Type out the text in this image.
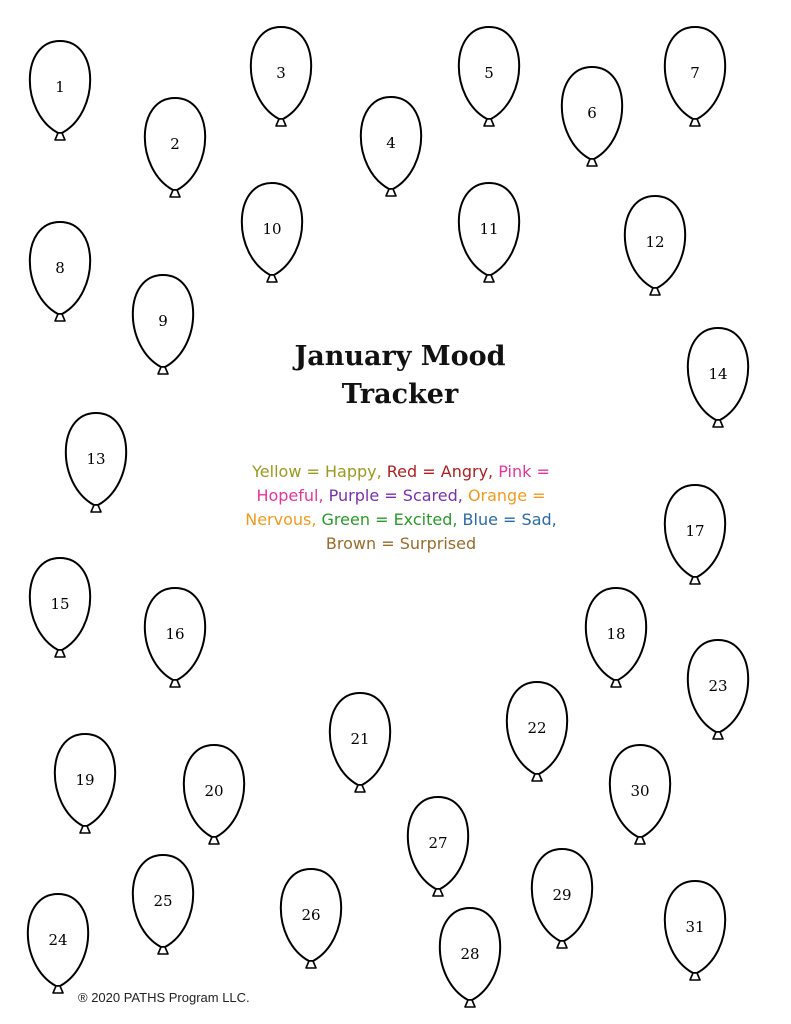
1
2
3
4
5
6
7
8
9
10	11
12
13
14
15
16
17
18
19
20
21
22
23
24
25
26
27
28
29
30
31
January Mood
Tracker
Yellow = Happy, Red = Angry, Pink = Hopeful, Purple = Scared, Orange = Nervous, Green = Excited, Blue = Sad, Brown = Surprised
® 2020 PATHS Program LLC.
